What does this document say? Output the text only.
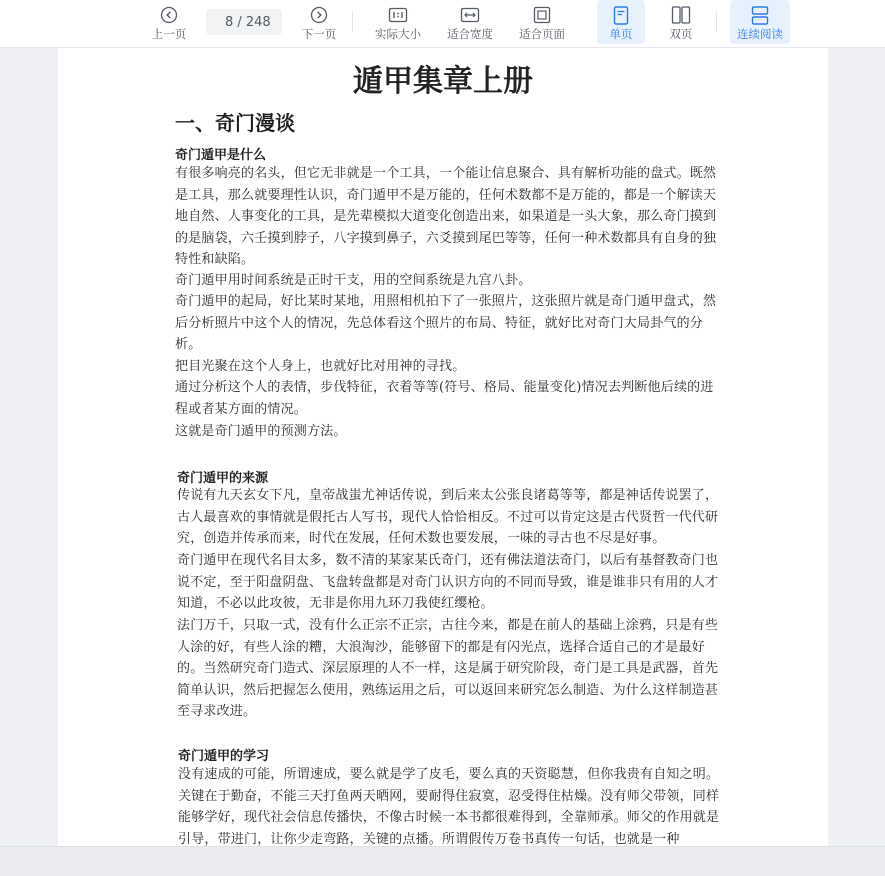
上一页
8 / 248
下一页	实际大小 适合宽度 适合页面	单页	双页	连续阅读
遁甲集章上册
一、奇门漫谈
奇门遁甲是什么
有很多响亮的名头，但它无非就是一个工具，一个能让信息聚合、具有解析功能的盘式。既然是工具，那么就要理性认识，奇门遁甲不是万能的，任何术数都不是万能的，都是一个解读天地自然、人事变化的工具，是先辈模拟大道变化创造出来，如果道是一头大象，那么奇门摸到的是脑袋，六壬摸到脖子，八字摸到鼻子，六爻摸到尾巴等等，任何一种术数都具有自身的独特性和缺陷。
奇门遁甲用时间系统是正时干支，用的空间系统是九宫八卦。
奇门遁甲的起局，好比某时某地，用照相机拍下了一张照片，这张照片就是奇门遁甲盘式，然后分析照片中这个人的情况，先总体看这个照片的布局、特征，就好比对奇门大局卦气的分析。
把目光聚在这个人身上，也就好比对用神的寻找。
通过分析这个人的表情，步伐特征，衣着等等(符号、格局、能量变化)情况去判断他后续的进程或者某方面的情况。
这就是奇门遁甲的预测方法。
奇门遁甲的来源
传说有九天玄女下凡，皇帝战蚩尤神话传说，到后来太公张良诸葛等等，都是神话传说罢了，古人最喜欢的事情就是假托古人写书，现代人恰恰相反。不过可以肯定这是古代贤哲一代代研究，创造并传承而来，时代在发展，任何术数也要发展，一味的寻古也不尽是好事。
奇门遁甲在现代名目太多，数不清的某家某氏奇门，还有佛法道法奇门，以后有基督教奇门也说不定，至于阳盘阴盘、飞盘转盘都是对奇门认识方向的不同而导致，谁是谁非只有用的人才知道，不必以此攻彼，无非是你用九环刀我使红缨枪。
法门万千，只取一式，没有什么正宗不正宗，古往今来，都是在前人的基础上涂鸦，只是有些人涂的好，有些人涂的糟，大浪淘沙，能够留下的都是有闪光点，选择合适自己的才是最好的。当然研究奇门造式、深层原理的人不一样，这是属于研究阶段，奇门是工具是武器，首先简单认识，然后把握怎么使用，熟练运用之后，可以返回来研究怎么制造、为什么这样制造甚至寻求改进。
奇门遁甲的学习
没有速成的可能，所谓速成，要么就是学了皮毛，要么真的天资聪慧，但你我贵有自知之明。关键在于勤奋，不能三天打鱼两天晒网，要耐得住寂寞，忍受得住枯燥。没有师父带领，同样能够学好，现代社会信息传播快，不像古时候一本书都很难得到，全靠师承。师父的作用就是引导，带进门，让你少走弯路，关键的点播。所谓假传万卷书真传一句话，也就是一种
